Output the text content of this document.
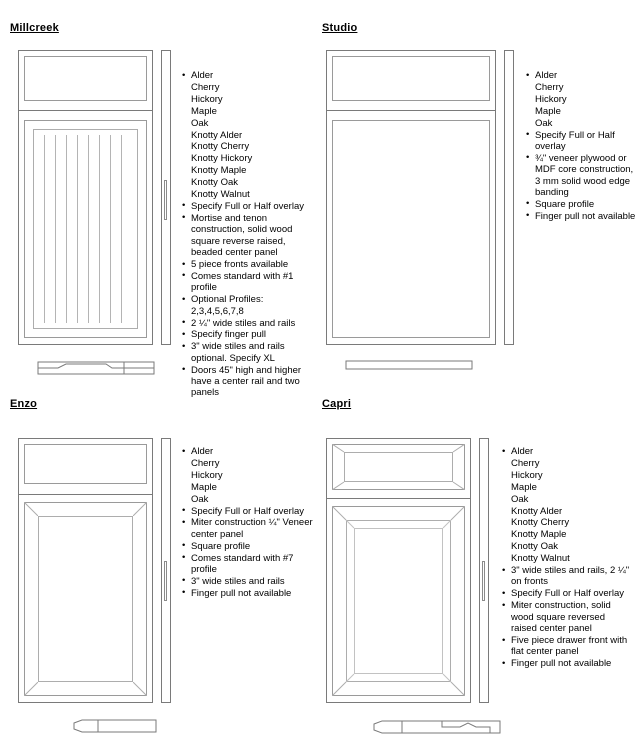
Millcreek
• Alder
Cherry
Hickory
Maple
Oak
Knotty Alder
Knotty Cherry
Knotty Hickory
Knotty Maple
Knotty Oak
Knotty Walnut
• Specify Full or Half overlay
• Mortise and tenon construction, solid wood square reverse raised, beaded center panel
• 5 piece fronts available
• Comes standard with #1 profile
• Optional Profiles: 2,3,4,5,6,7,8
• 2 ¼" wide stiles and rails
• Specify finger pull
• 3" wide stiles and rails optional. Specify XL
• Doors 45" high and higher have a center rail and two panels
Studio
• Alder
Cherry
Hickory
Maple
Oak
• Specify Full or Half overlay
• ¾" veneer plywood or MDF core construction, 3 mm solid wood edge banding
• Square profile
• Finger pull not available
Enzo
• Alder
Cherry
Hickory
Maple
Oak
• Specify Full or Half overlay
• Miter construction ¼" Veneer center panel
• Square profile
• Comes standard with #7 profile
• 3" wide stiles and rails
• Finger pull not available
Capri
• Alder
Cherry
Hickory
Maple
Oak
Knotty Alder
Knotty Cherry
Knotty Maple
Knotty Oak
Knotty Walnut
• 3" wide stiles and rails, 2 ¼" on fronts
• Specify Full or Half overlay
• Miter construction, solid wood square reversed raised center panel
• Five piece drawer front with flat center panel
• Finger pull not available
